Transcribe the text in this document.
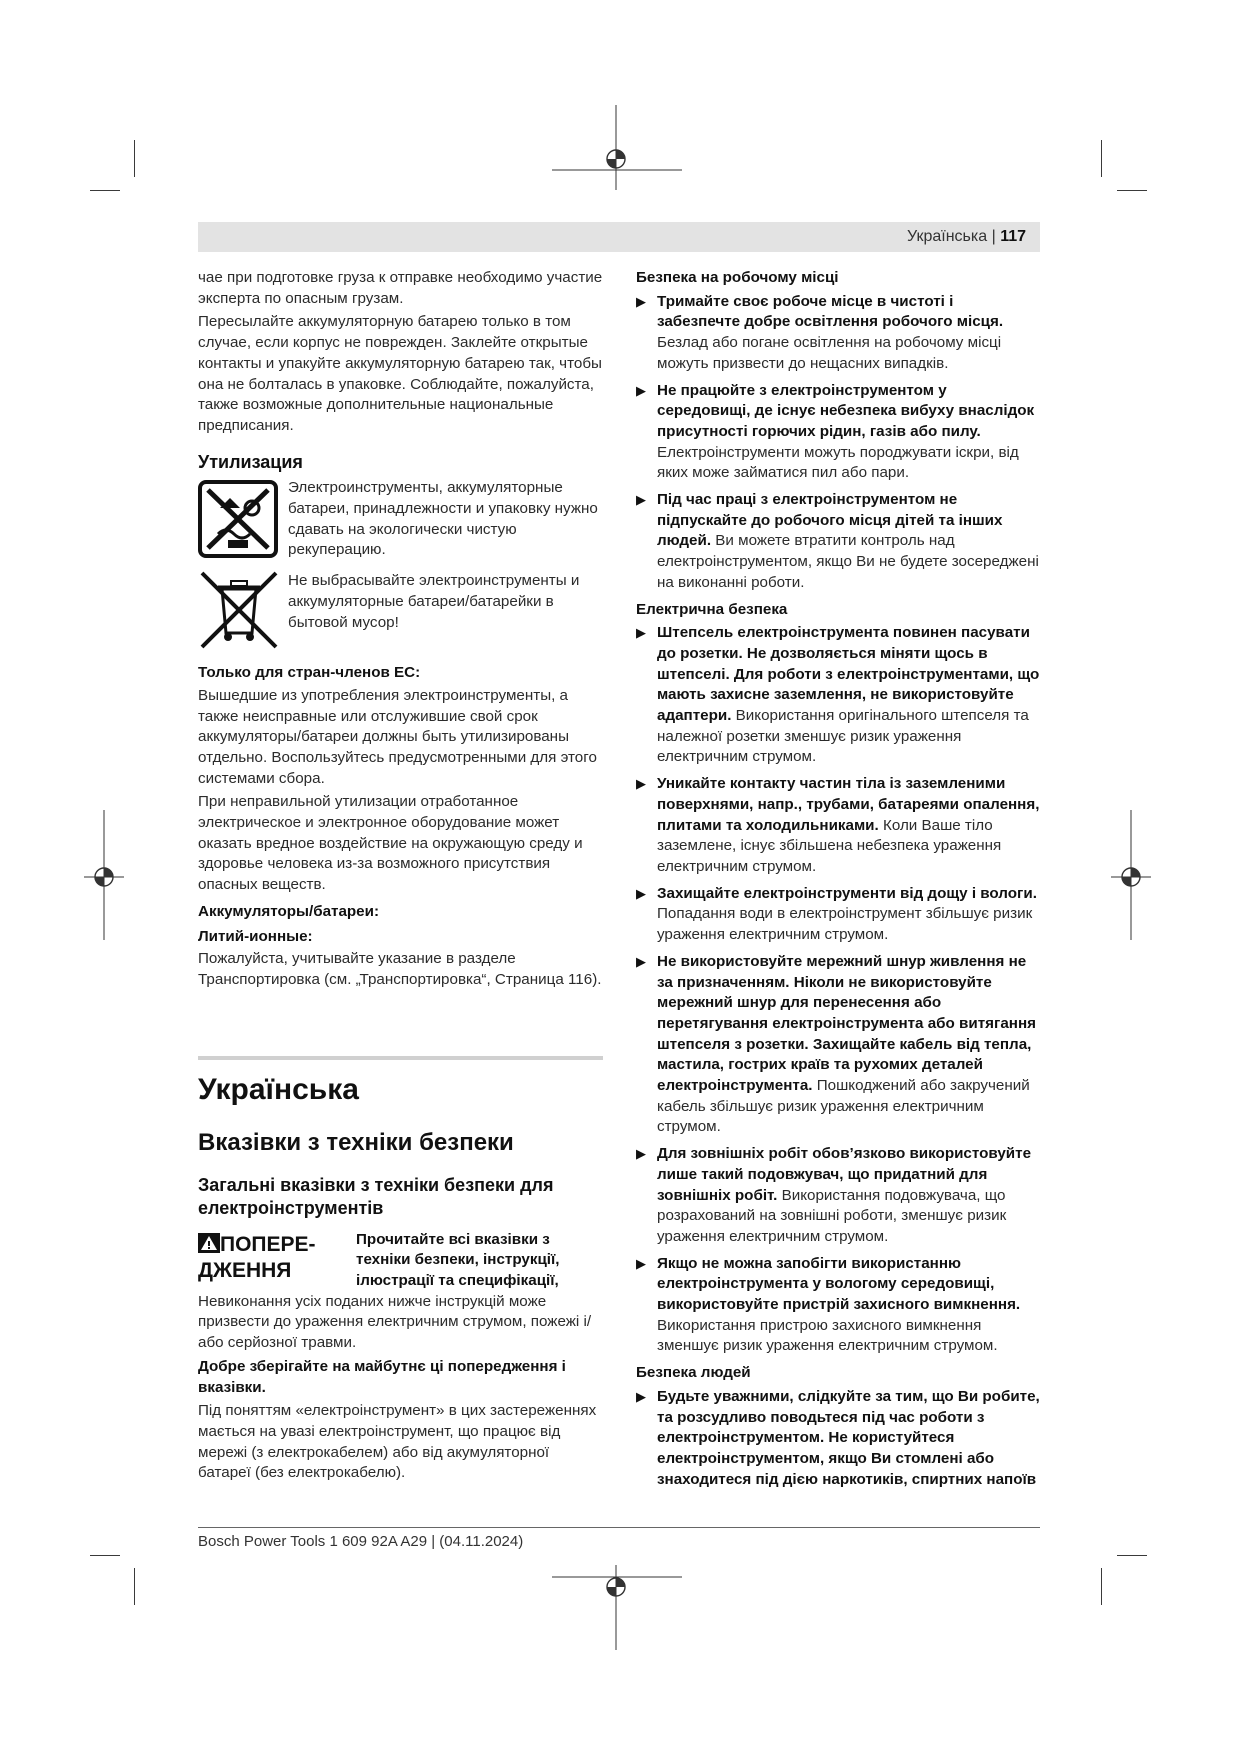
Українська | 117

чае при подготовке груза к отправке необходимо участие эксперта по опасным грузам.

Пересылайте аккумуляторную батарею только в том случае, если корпус не поврежден. Заклейте открытые контакты и упакуйте аккумуляторную батарею так, чтобы она не болталась в упаковке. Соблюдайте, пожалуйста, также возможные дополнительные национальные предписания.

Утилизация
Электроинструменты, аккумуляторные батареи, принадлежности и упаковку нужно сдавать на экологически чистую рекуперацию.
Не выбрасывайте электроинструменты и аккумуляторные батареи/батарейки в бытовой мусор!
Только для стран-членов ЕС:

Вышедшие из употребления электроинструменты, а также неисправные или отслужившие свой срок аккумуляторы/батареи должны быть утилизированы отдельно. Воспользуйтесь предусмотренными для этого системами сбора.

При неправильной утилизации отработанное электрическое и электронное оборудование может оказать вредное воздействие на окружающую среду и здоровье человека из-за возможного присутствия опасных веществ.

Аккумуляторы/батареи:
Литий-ионные:

Пожалуйста, учитывайте указание в разделе Транспортировка (см. „Транспортировка“, Страница 116).

Українська
Вказівки з техніки безпеки
Загальні вказівки з техніки безпеки для електроінструментів
ПОПЕРЕ-ДЖЕННЯ
Прочитайте всі вказівки з техніки безпеки, інструкції, ілюстрації та специфікації,

Невиконання усіх поданих нижче інструкцій може призвести до ураження електричним струмом, пожежі і/або серйозної травми.

Добре зберігайте на майбутнє ці попередження і вказівки.

Під поняттям «електроінструмент» в цих застереженнях мається на увазі електроінструмент, що працює від мережі (з електрокабелем) або від акумуляторної батареї (без електрокабелю).

Безпека на робочому місці
▶ Тримайте своє робоче місце в чистоті і забезпечте добре освітлення робочого місця. Безлад або погане освітлення на робочому місці можуть призвести до нещасних випадків.
▶ Не працюйте з електроінструментом у середовищі, де існує небезпека вибуху внаслідок присутності горючих рідин, газів або пилу. Електроінструменти можуть породжувати іскри, від яких може займатися пил або пари.
▶ Під час праці з електроінструментом не підпускайте до робочого місця дітей та інших людей. Ви можете втратити контроль над електроінструментом, якщо Ви не будете зосереджені на виконанні роботи.
Електрична безпека
▶ Штепсель електроінструмента повинен пасувати до розетки. Не дозволяється міняти щось в штепселі. Для роботи з електроінструментами, що мають захисне заземлення, не використовуйте адаптери. Використання оригінального штепселя та належної розетки зменшує ризик ураження електричним струмом.
▶ Уникайте контакту частин тіла із заземленими поверхнями, напр., трубами, батареями опалення, плитами та холодильниками. Коли Ваше тіло заземлене, існує збільшена небезпека ураження електричним струмом.
▶ Захищайте електроінструменти від дощу і вологи. Попадання води в електроінструмент збільшує ризик ураження електричним струмом.
▶ Не використовуйте мережний шнур живлення не за призначенням. Ніколи не використовуйте мережний шнур для перенесення або перетягування електроінструмента або витягання штепселя з розетки. Захищайте кабель від тепла, мастила, гострих країв та рухомих деталей електроінструмента. Пошкоджений або закручений кабель збільшує ризик ураження електричним струмом.
▶ Для зовнішніх робіт обов’язково використовуйте лише такий подовжувач, що придатний для зовнішніх робіт. Використання подовжувача, що розрахований на зовнішні роботи, зменшує ризик ураження електричним струмом.
▶ Якщо не можна запобігти використанню електроінструмента у вологому середовищі, використовуйте пристрій захисного вимкнення. Використання пристрою захисного вимкнення зменшує ризик ураження електричним струмом.
Безпека людей
▶ Будьте уважними, слідкуйте за тим, що Ви робите, та розсудливо поводьтеся під час роботи з електроінструментом. Не користуйтеся електроінструментом, якщо Ви стомлені або знаходитеся під дією наркотиків, спиртних напоїв
Bosch Power Tools 1 609 92A A29 | (04.11.2024)
